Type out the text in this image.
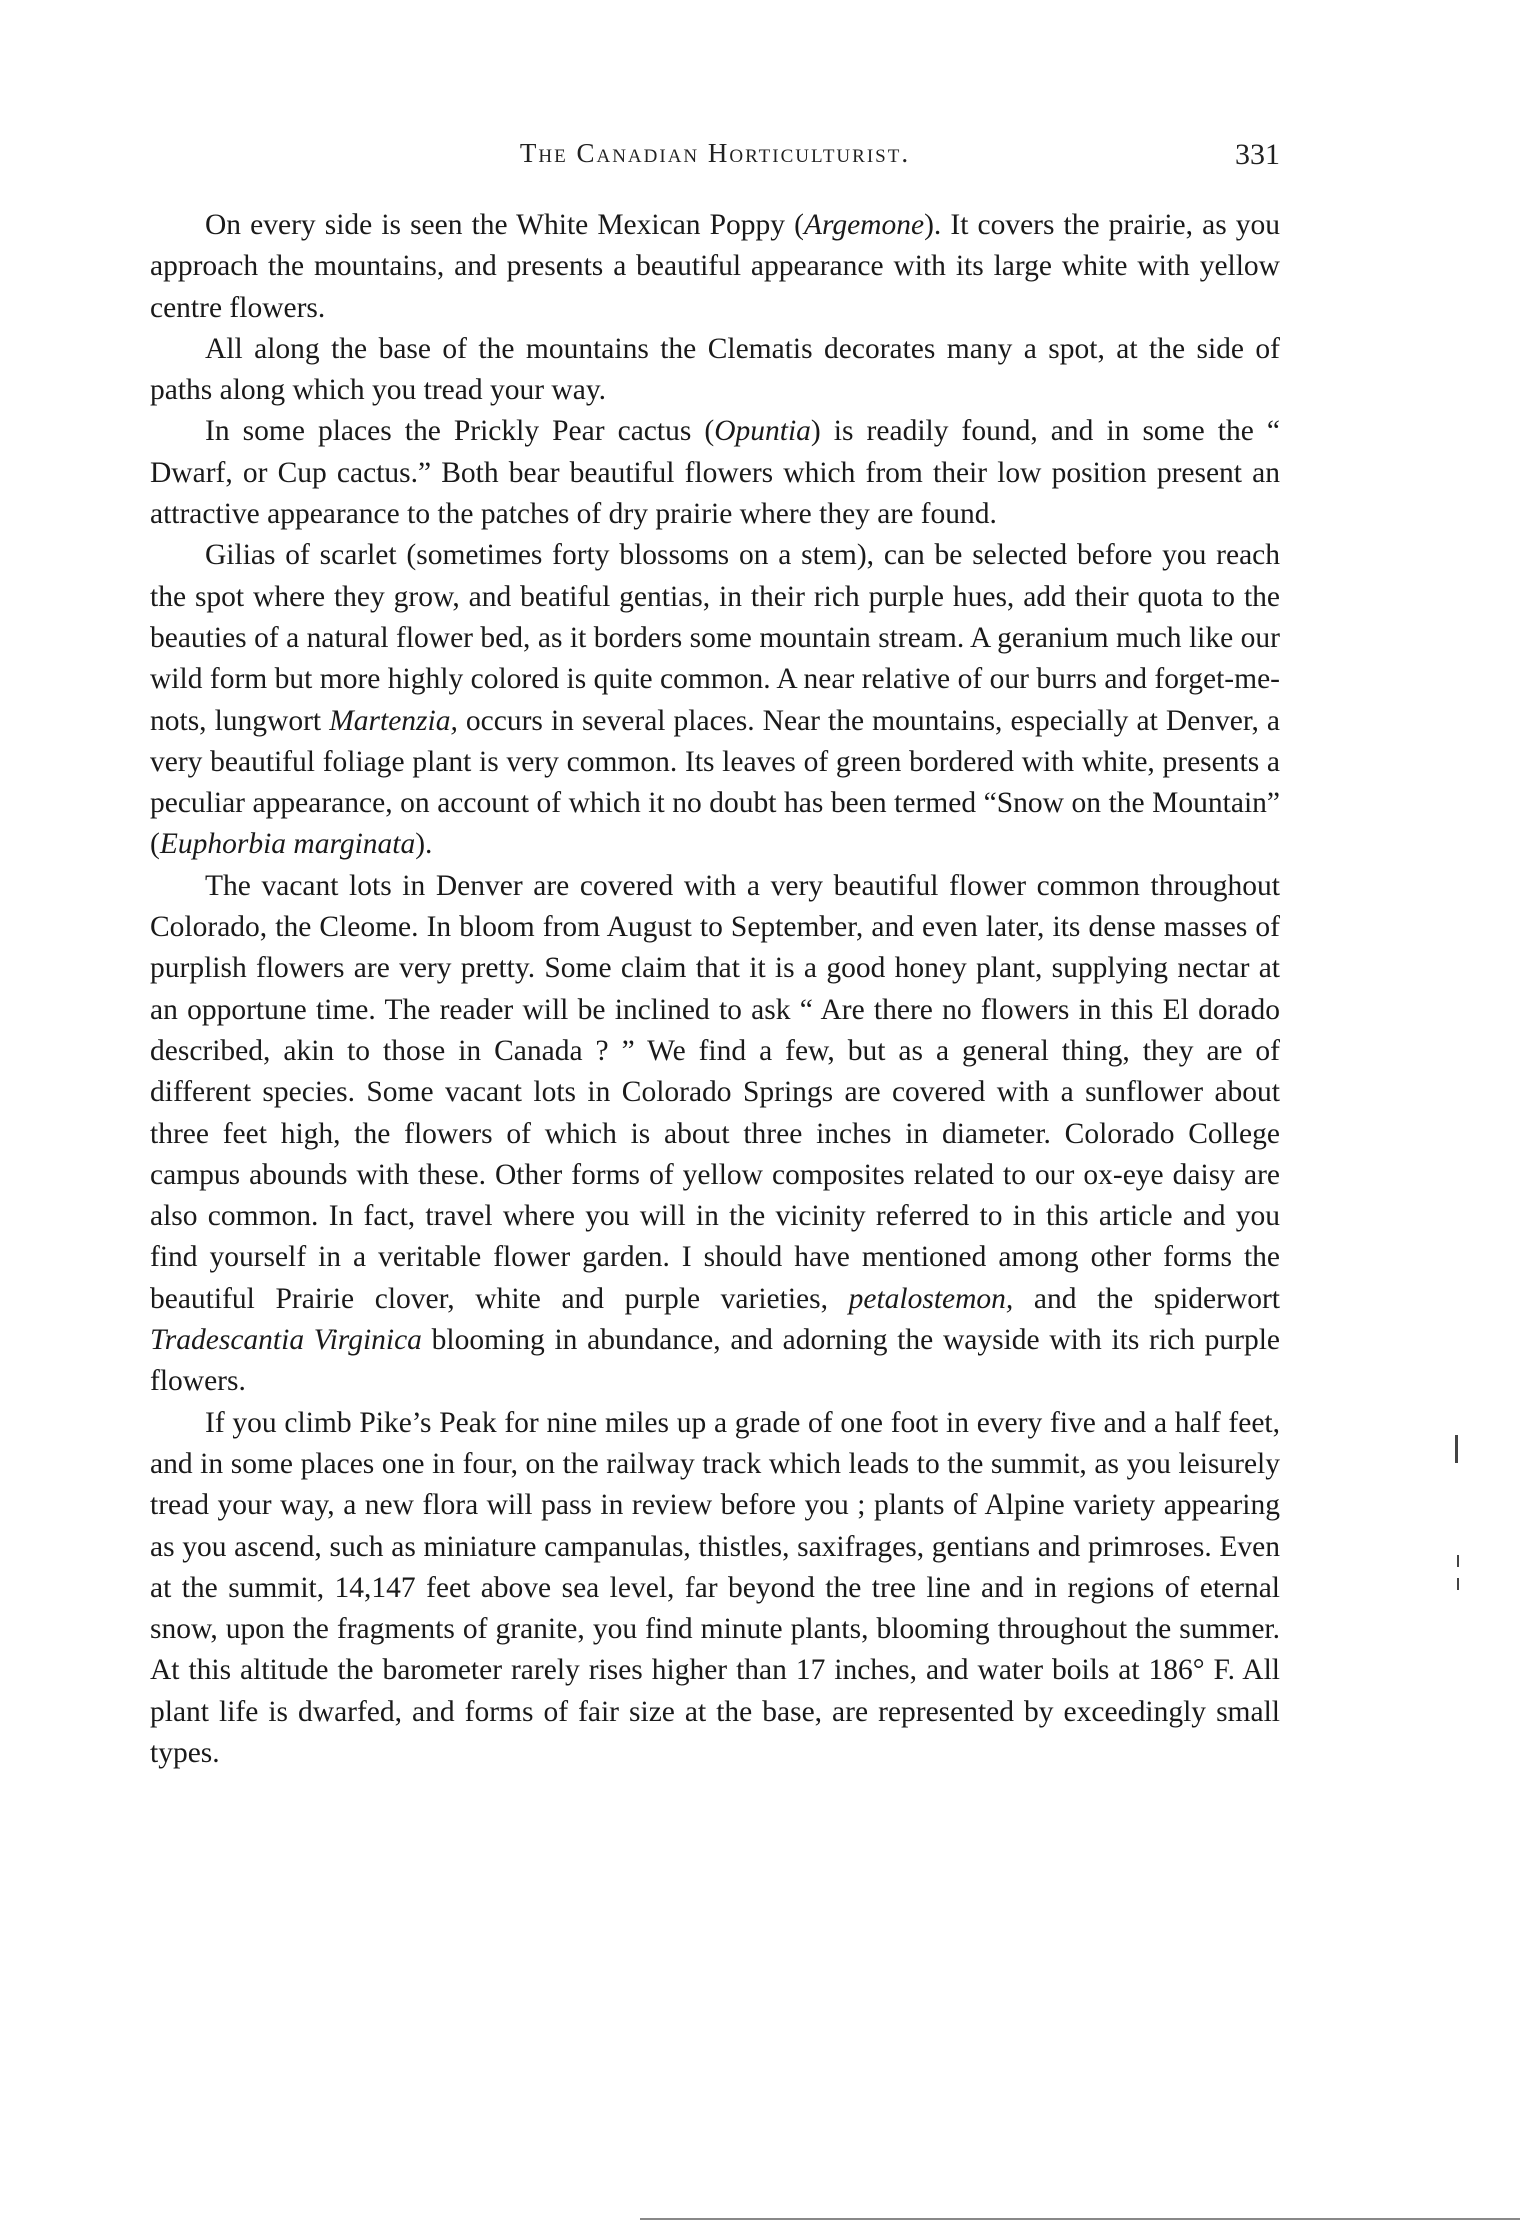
The Canadian Horticulturist.	331

On every side is seen the White Mexican Poppy (Argemone). It covers the prairie, as you approach the mountains, and presents a beautiful appearance with its large white with yellow centre flowers.

All along the base of the mountains the Clematis decorates many a spot, at the side of paths along which you tread your way.

In some places the Prickly Pear cactus (Opuntia) is readily found, and in some the “ Dwarf, or Cup cactus.” Both bear beautiful flowers which from their low position present an attractive appearance to the patches of dry prairie where they are found.

Gilias of scarlet (sometimes forty blossoms on a stem), can be selected before you reach the spot where they grow, and beatiful gentias, in their rich purple hues, add their quota to the beauties of a natural flower bed, as it borders some mountain stream. A geranium much like our wild form but more highly colored is quite common. A near relative of our burrs and forget-me-nots, lungwort Martenzia, occurs in several places. Near the mountains, especially at Denver, a very beautiful foliage plant is very common. Its leaves of green bordered with white, presents a peculiar appearance, on account of which it no doubt has been termed “Snow on the Mountain” (Euphorbia marginata).

The vacant lots in Denver are covered with a very beautiful flower common throughout Colorado, the Cleome. In bloom from August to September, and even later, its dense masses of purplish flowers are very pretty. Some claim that it is a good honey plant, supplying nectar at an opportune time. The reader will be inclined to ask “ Are there no flowers in this El dorado described, akin to those in Canada ? ” We find a few, but as a general thing, they are of different species. Some vacant lots in Colorado Springs are covered with a sunflower about three feet high, the flowers of which is about three inches in diameter. Colorado College campus abounds with these. Other forms of yellow composites related to our ox-eye daisy are also common. In fact, travel where you will in the vicinity referred to in this article and you find yourself in a veritable flower garden. I should have mentioned among other forms the beautiful Prairie clover, white and purple varieties, petalostemon, and the spiderwort Tradescantia Virginica blooming in abundance, and adorning the wayside with its rich purple flowers.

If you climb Pike’s Peak for nine miles up a grade of one foot in every five and a half feet, and in some places one in four, on the railway track which leads to the summit, as you leisurely tread your way, a new flora will pass in review before you ; plants of Alpine variety appearing as you ascend, such as miniature campanulas, thistles, saxifrages, gentians and primroses. Even at the summit, 14,147 feet above sea level, far beyond the tree line and in regions of eternal snow, upon the fragments of granite, you find minute plants, blooming throughout the summer. At this altitude the barometer rarely rises higher than 17 inches, and water boils at 186° F. All plant life is dwarfed, and forms of fair size at the base, are represented by exceedingly small types.
